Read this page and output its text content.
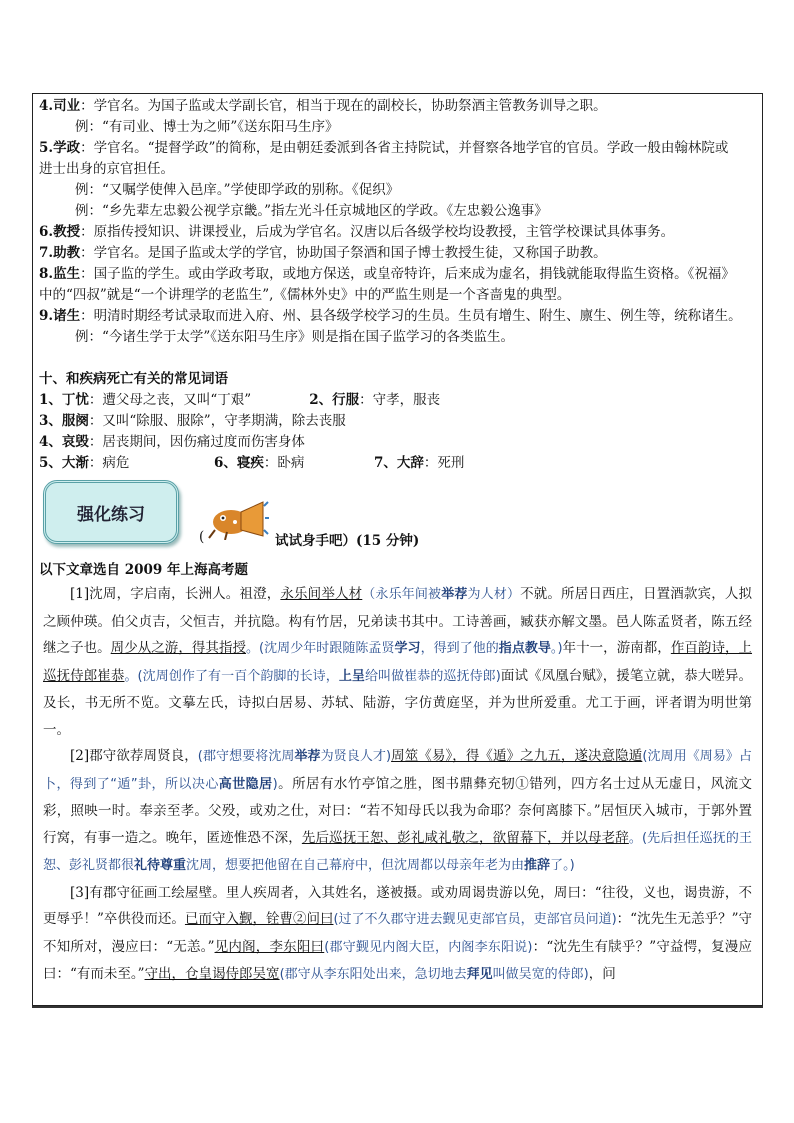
4.司业：学官名。为国子监或太学副长官，相当于现在的副校长，协助祭酒主管教务训导之职。
例：“有司业、博士为之师”《送东阳马生序》
5.学政：学官名。“提督学政”的简称，是由朝廷委派到各省主持院试，并督察各地学官的官员。学政一般由翰林院或
进士出身的京官担任。
例：“又嘱学使俾入邑庠。”学使即学政的别称。《促织》
例：“乡先辈左忠毅公视学京畿。”指左光斗任京城地区的学政。《左忠毅公逸事》
6.教授：原指传授知识、讲课授业，后成为学官名。汉唐以后各级学校均设教授，主管学校课试具体事务。
7.助教：学官名。是国子监或太学的学官，协助国子祭酒和国子博士教授生徒，又称国子助教。
8.监生：国子监的学生。或由学政考取，或地方保送，或皇帝特许，后来成为虚名，捐钱就能取得监生资格。《祝福》
中的“四叔”就是“一个讲理学的老监生”,《儒林外史》中的严监生则是一个吝啬鬼的典型。
9.诸生：明清时期经考试录取而进入府、州、县各级学校学习的生员。生员有增生、附生、廪生、例生等，统称诸生。
例：“今诸生学于太学”《送东阳马生序》则是指在国子监学习的各类监生。
十、和疾病死亡有关的常见词语
1、丁忧：遭父母之丧，又叫“丁艰”	2、行服：守孝，服丧
3、服阕：又叫“除服、服除”，守孝期满，除去丧服
4、哀毁：居丧期间，因伤痛过度而伤害身体
5、大渐：病危	6、寝疾：卧病	7、大辞：死刑
强化练习
(	试试身手吧）(15 分钟)
以下文章选自 2009 年上海高考题
[1]沈周，字启南，长洲人。祖澄，永乐间举人材（永乐年间被举荐为人材）不就。所居日西庄，日置酒款宾，人拟之顾仲瑛。伯父贞吉，父恒吉，并抗隐。构有竹居，兄弟读书其中。工诗善画，臧获亦解文墨。邑人陈孟贤者，陈五经继之子也。周少从之游，得其指授。(沈周少年时跟随陈孟贤学习，得到了他的指点教导。)年十一，游南都，作百韵诗，上巡抚侍郎崔恭。(沈周创作了有一百个韵脚的长诗，上呈给叫做崔恭的巡抚侍郎)面试《凤凰台赋》，援笔立就，恭大嗟异。及长，书无所不览。文摹左氏，诗拟白居易、苏轼、陆游，字仿黄庭坚，并为世所爱重。尤工于画，评者谓为明世第一。
[2]郡守欲荐周贤良，(郡守想要将沈周举荐为贤良人才)周筮《易》，得《遁》之九五，遂决意隐遁(沈周用《周易》占卜，得到了“遁”卦，所以决心高世隐居)。所居有水竹亭馆之胜，图书鼎彝充牣①错列，四方名士过从无虚日，风流文彩，照映一时。奉亲至孝。父殁，或劝之仕，对曰：“若不知母氏以我为命耶？奈何离膝下。”居恒厌入城市，于郭外置行窝，有事一造之。晚年，匿迹惟恐不深，先后巡抚王恕、彭礼咸礼敬之，欲留幕下，并以母老辞。(先后担任巡抚的王恕、彭礼贤都很礼待尊重沈周，想要把他留在自己幕府中，但沈周都以母亲年老为由推辞了。)
[3]有郡守征画工绘屋壁。里人疾周者，入其姓名，遂被摄。或劝周谒贵游以免，周曰：“往役，义也，谒贵游，不更辱乎！”卒供役而还。已而守入觐，铨曹②问曰(过了不久郡守进去觐见吏部官员，吏部官员问道)：“沈先生无恙乎？”守不知所对，漫应曰：“无恙。”见内阁，李东阳曰(郡守觐见内阁大臣，内阁李东阳说)：“沈先生有牍乎？”守益愕，复漫应曰：“有而未至。”守出，仓皇谒侍郎吴宽(郡守从李东阳处出来，急切地去拜见叫做吴宽的侍郎)，问
